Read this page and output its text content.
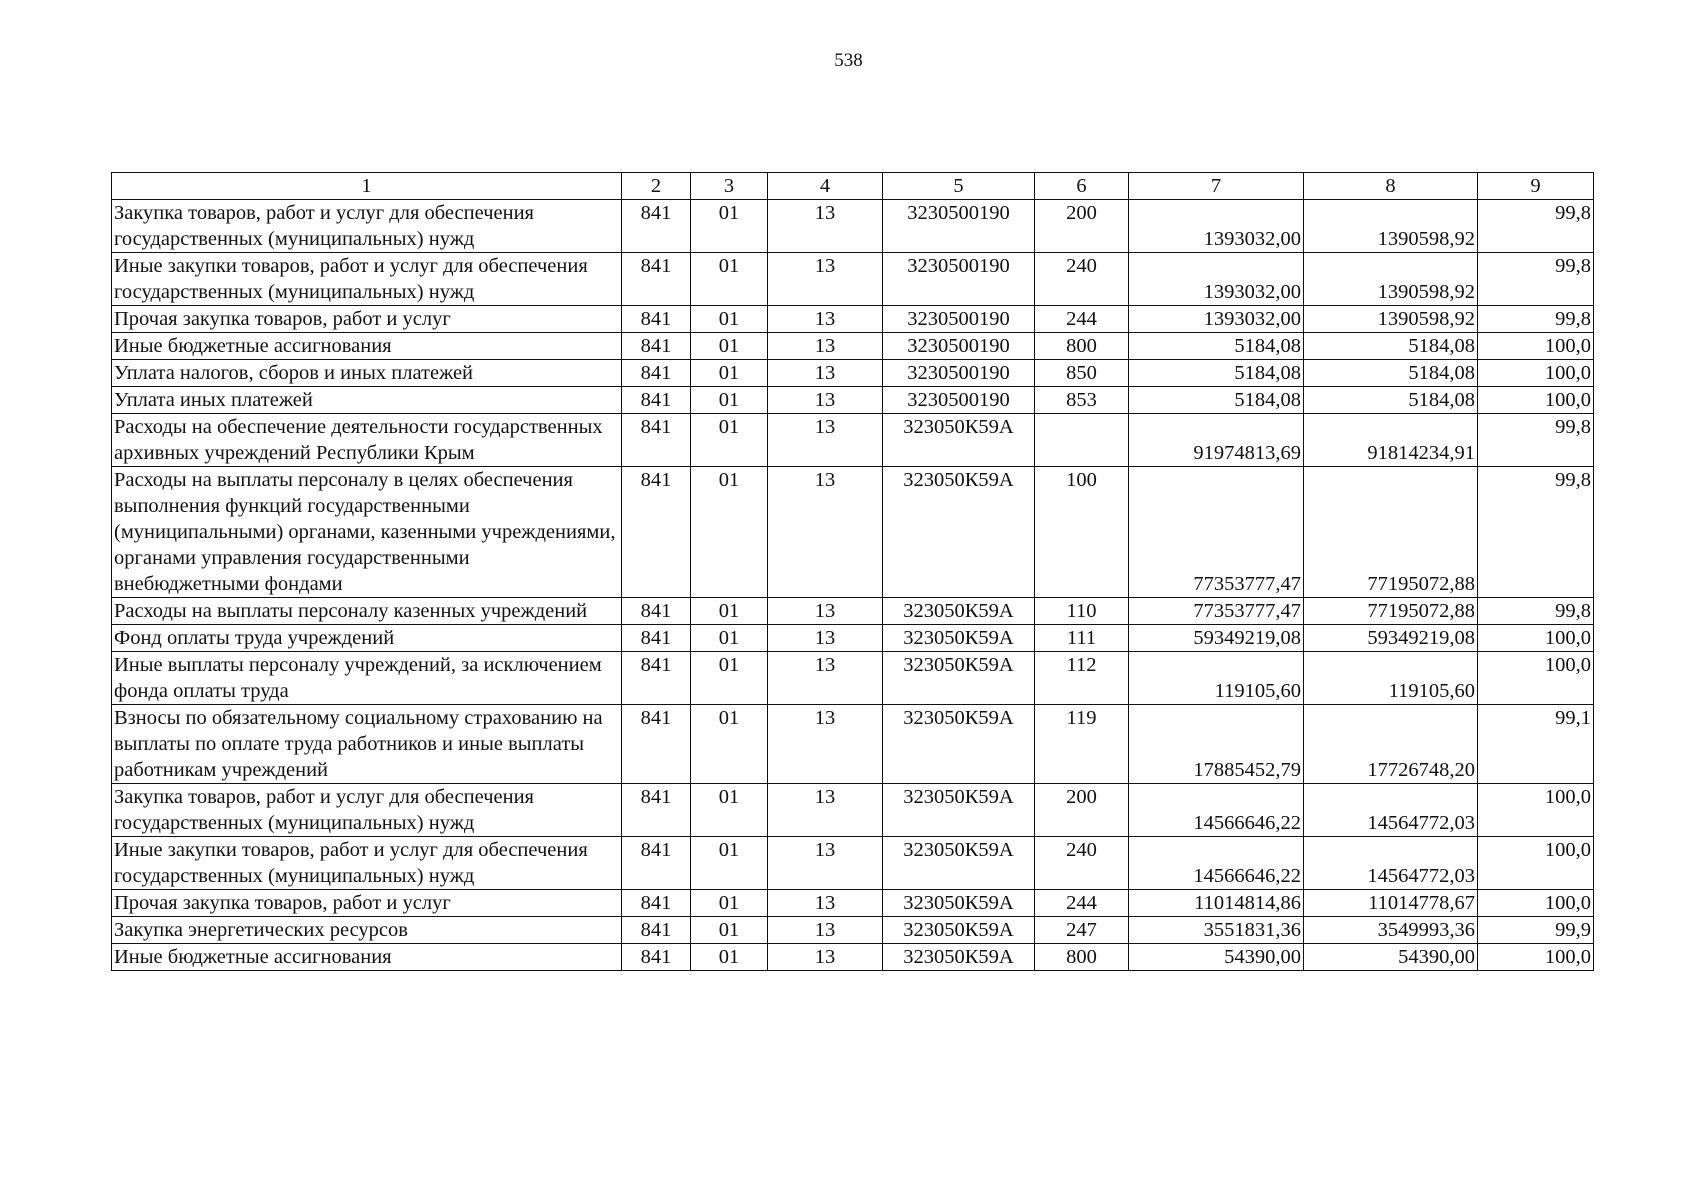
538
1	2	3	4	5	6	7	8	9
Закупка товаров, работ и услуг для обеспечения государственных (муниципальных) нужд	841	01	13	3230500190	200	1393032,00	1390598,92	99,8
Иные закупки товаров, работ и услуг для обеспечения государственных (муниципальных) нужд	841	01	13	3230500190	240	1393032,00	1390598,92	99,8
Прочая закупка товаров, работ и услуг	841	01	13	3230500190	244	1393032,00	1390598,92	99,8
Иные бюджетные ассигнования	841	01	13	3230500190	800	5184,08	5184,08	100,0
Уплата налогов, сборов и иных платежей	841	01	13	3230500190	850	5184,08	5184,08	100,0
Уплата иных платежей	841	01	13	3230500190	853	5184,08	5184,08	100,0
Расходы на обеспечение деятельности государственных архивных учреждений Республики Крым	841	01	13	323050К59А		91974813,69	91814234,91	99,8
Расходы на выплаты персоналу в целях обеспечения выполнения функций государственными (муниципальными) органами, казенными учреждениями, органами управления государственными внебюджетными фондами	841	01	13	323050К59А	100	77353777,47	77195072,88	99,8
Расходы на выплаты персоналу казенных учреждений	841	01	13	323050К59А	110	77353777,47	77195072,88	99,8
Фонд оплаты труда учреждений	841	01	13	323050К59А	111	59349219,08	59349219,08	100,0
Иные выплаты персоналу учреждений, за исключением фонда оплаты труда	841	01	13	323050К59А	112	119105,60	119105,60	100,0
Взносы по обязательному социальному страхованию на выплаты по оплате труда работников и иные выплаты работникам учреждений	841	01	13	323050К59А	119	17885452,79	17726748,20	99,1
Закупка товаров, работ и услуг для обеспечения государственных (муниципальных) нужд	841	01	13	323050К59А	200	14566646,22	14564772,03	100,0
Иные закупки товаров, работ и услуг для обеспечения государственных (муниципальных) нужд	841	01	13	323050К59А	240	14566646,22	14564772,03	100,0
Прочая закупка товаров, работ и услуг	841	01	13	323050К59А	244	11014814,86	11014778,67	100,0
Закупка энергетических ресурсов	841	01	13	323050К59А	247	3551831,36	3549993,36	99,9
Иные бюджетные ассигнования	841	01	13	323050К59А	800	54390,00	54390,00	100,0
